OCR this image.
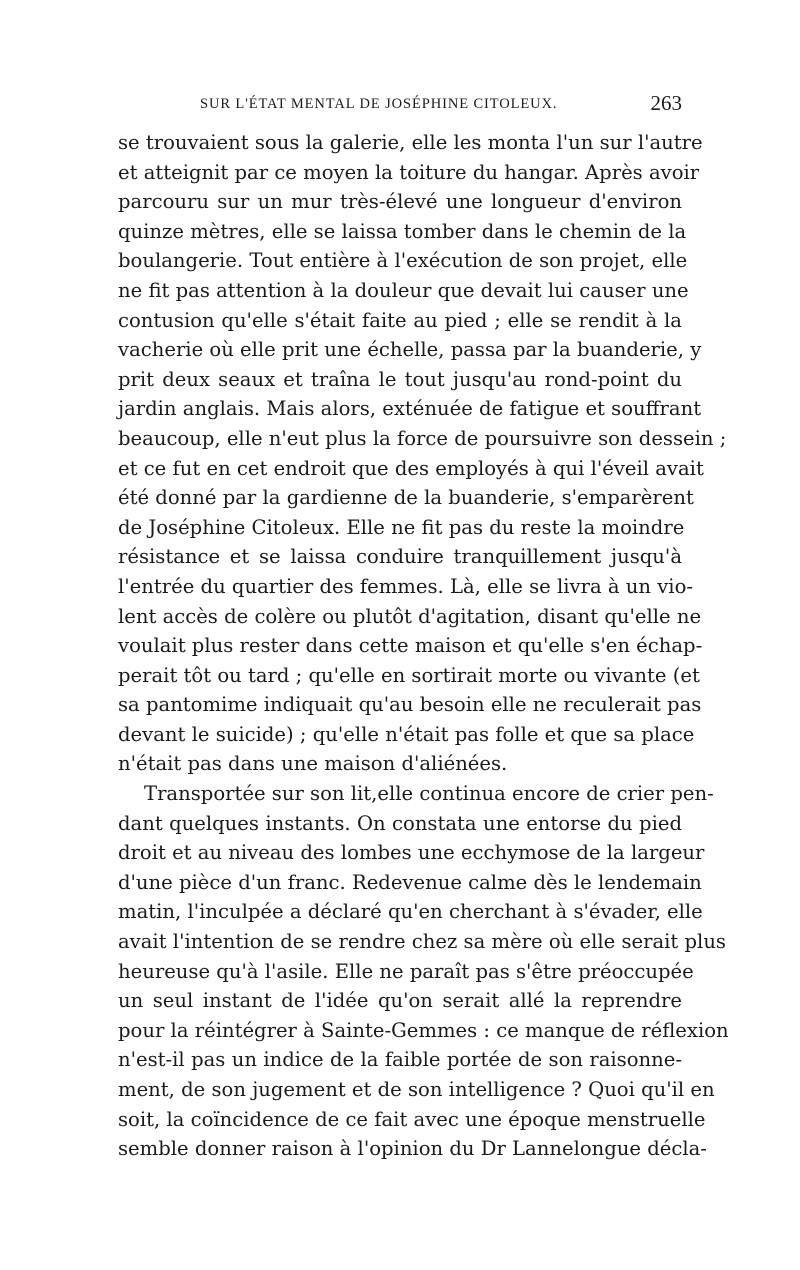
SUR L'ÉTAT MENTAL DE JOSÉPHINE CITOLEUX.	263
se trouvaient sous la galerie, elle les monta l'un sur l'autre
et atteignit par ce moyen la toiture du hangar. Après avoir
parcouru sur un mur très-élevé une longueur d'environ
quinze mètres, elle se laissa tomber dans le chemin de la
boulangerie. Tout entière à l'exécution de son projet, elle
ne fit pas attention à la douleur que devait lui causer une
contusion qu'elle s'était faite au pied ; elle se rendit à la
vacherie où elle prit une échelle, passa par la buanderie, y
prit deux seaux et traîna le tout jusqu'au rond-point du
jardin anglais. Mais alors, exténuée de fatigue et souffrant
beaucoup, elle n'eut plus la force de poursuivre son dessein ;
et ce fut en cet endroit que des employés à qui l'éveil avait
été donné par la gardienne de la buanderie, s'emparèrent
de Joséphine Citoleux. Elle ne fit pas du reste la moindre
résistance et se laissa conduire tranquillement jusqu'à
l'entrée du quartier des femmes. Là, elle se livra à un vio-
lent accès de colère ou plutôt d'agitation, disant qu'elle ne
voulait plus rester dans cette maison et qu'elle s'en échap-
perait tôt ou tard ; qu'elle en sortirait morte ou vivante (et
sa pantomime indiquait qu'au besoin elle ne reculerait pas
devant le suicide) ; qu'elle n'était pas folle et que sa place
n'était pas dans une maison d'aliénées.
Transportée sur son lit,elle continua encore de crier pen-
dant quelques instants. On constata une entorse du pied
droit et au niveau des lombes une ecchymose de la largeur
d'une pièce d'un franc. Redevenue calme dès le lendemain
matin, l'inculpée a déclaré qu'en cherchant à s'évader, elle
avait l'intention de se rendre chez sa mère où elle serait plus
heureuse qu'à l'asile. Elle ne paraît pas s'être préoccupée
un seul instant de l'idée qu'on serait allé la reprendre
pour la réintégrer à Sainte-Gemmes : ce manque de réflexion
n'est-il pas un indice de la faible portée de son raisonne-
ment, de son jugement et de son intelligence ? Quoi qu'il en
soit, la coïncidence de ce fait avec une époque menstruelle
semble donner raison à l'opinion du Dr Lannelongue décla-
